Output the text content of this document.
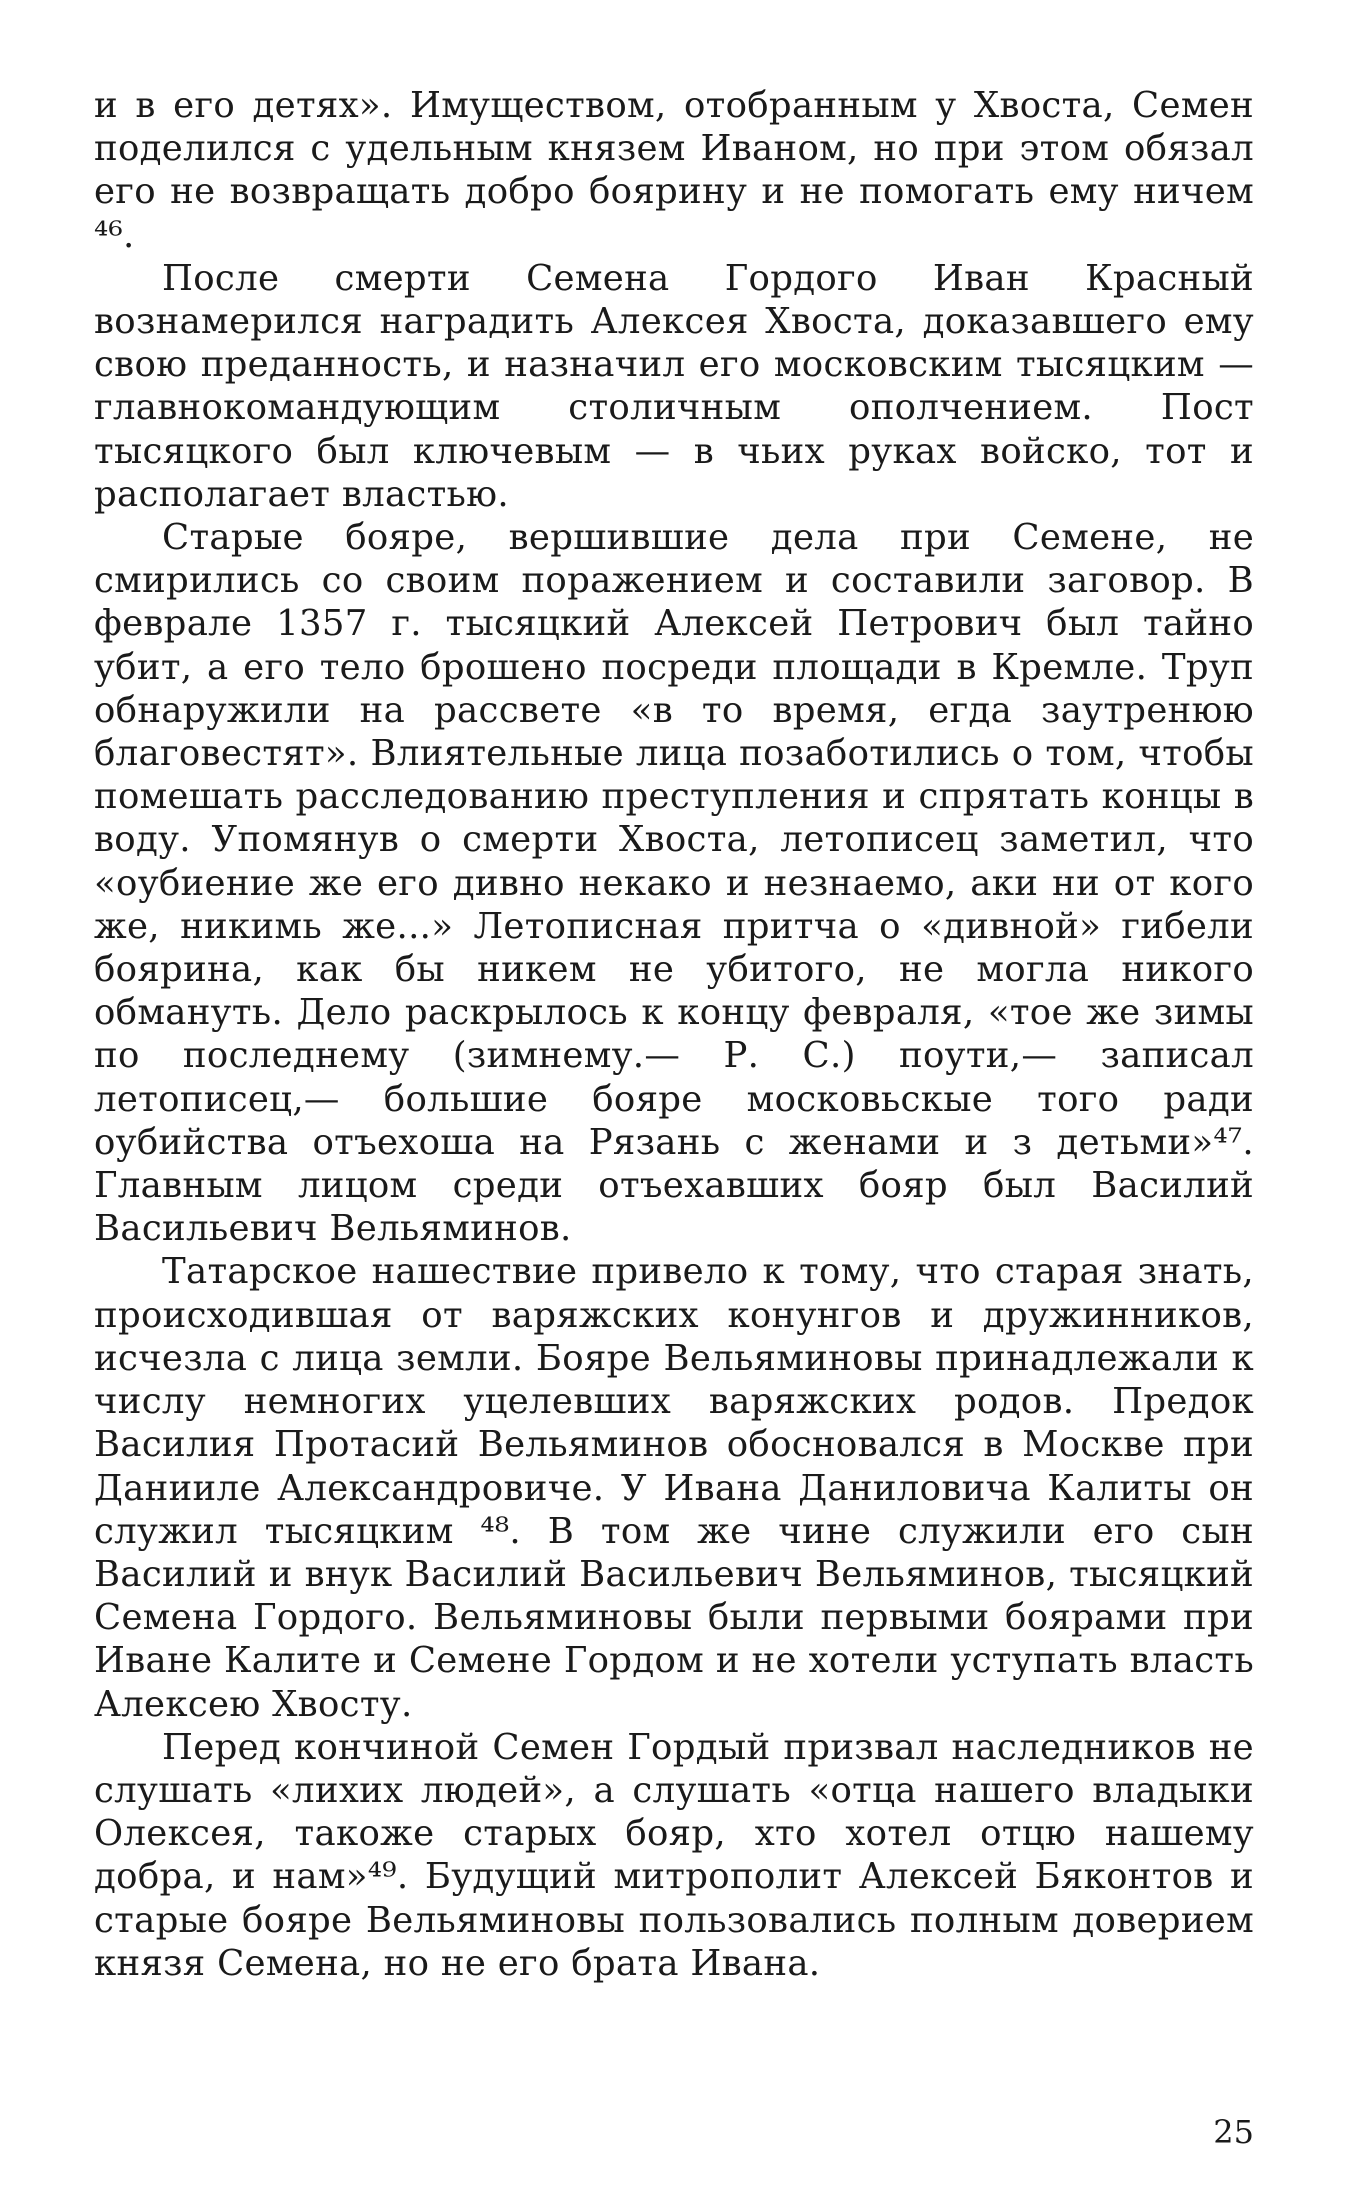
и в его детях». Имуществом, отобранным у Хвоста, Семен поделился с удельным князем Иваном, но при этом обязал его не возвращать добро боярину и не помогать ему ничем ⁴⁶.

После смерти Семена Гордого Иван Красный вознамерился наградить Алексея Хвоста, доказавшего ему свою преданность, и назначил его московским тысяцким — главнокомандующим столичным ополчением. Пост тысяцкого был ключевым — в чьих руках войско, тот и располагает властью.

Старые бояре, вершившие дела при Семене, не смирились со своим поражением и составили заговор. В феврале 1357 г. тысяцкий Алексей Петрович был тайно убит, а его тело брошено посреди площади в Кремле. Труп обнаружили на рассвете «в то время, егда заутренюю благовестят». Влиятельные лица позаботились о том, чтобы помешать расследованию преступления и спрятать концы в воду. Упомянув о смерти Хвоста, летописец заметил, что «оубиение же его дивно некако и незнаемо, аки ни от кого же, никимь же...» Летописная притча о «дивной» гибели боярина, как бы никем не убитого, не могла никого обмануть. Дело раскрылось к концу февраля, «тое же зимы по последнему (зимнему.— Р. С.) поути,— записал летописец,— большие бояре московьскые того ради оубийства отъехоша на Рязань с женами и з детьми»⁴⁷. Главным лицом среди отъехавших бояр был Василий Васильевич Вельяминов.

Татарское нашествие привело к тому, что старая знать, происходившая от варяжских конунгов и дружинников, исчезла с лица земли. Бояре Вельяминовы принадлежали к числу немногих уцелевших варяжских родов. Предок Василия Протасий Вельяминов обосновался в Москве при Данииле Александровиче. У Ивана Даниловича Калиты он служил тысяцким ⁴⁸. В том же чине служили его сын Василий и внук Василий Васильевич Вельяминов, тысяцкий Семена Гордого. Вельяминовы были первыми боярами при Иване Калите и Семене Гордом и не хотели уступать власть Алексею Хвосту.

Перед кончиной Семен Гордый призвал наследников не слушать «лихих людей», а слушать «отца нашего владыки Олексея, такоже старых бояр, хто хотел отцю нашему добра, и нам»⁴⁹. Будущий митрополит Алексей Бяконтов и старые бояре Вельяминовы пользовались полным доверием князя Семена, но не его брата Ивана.

25
